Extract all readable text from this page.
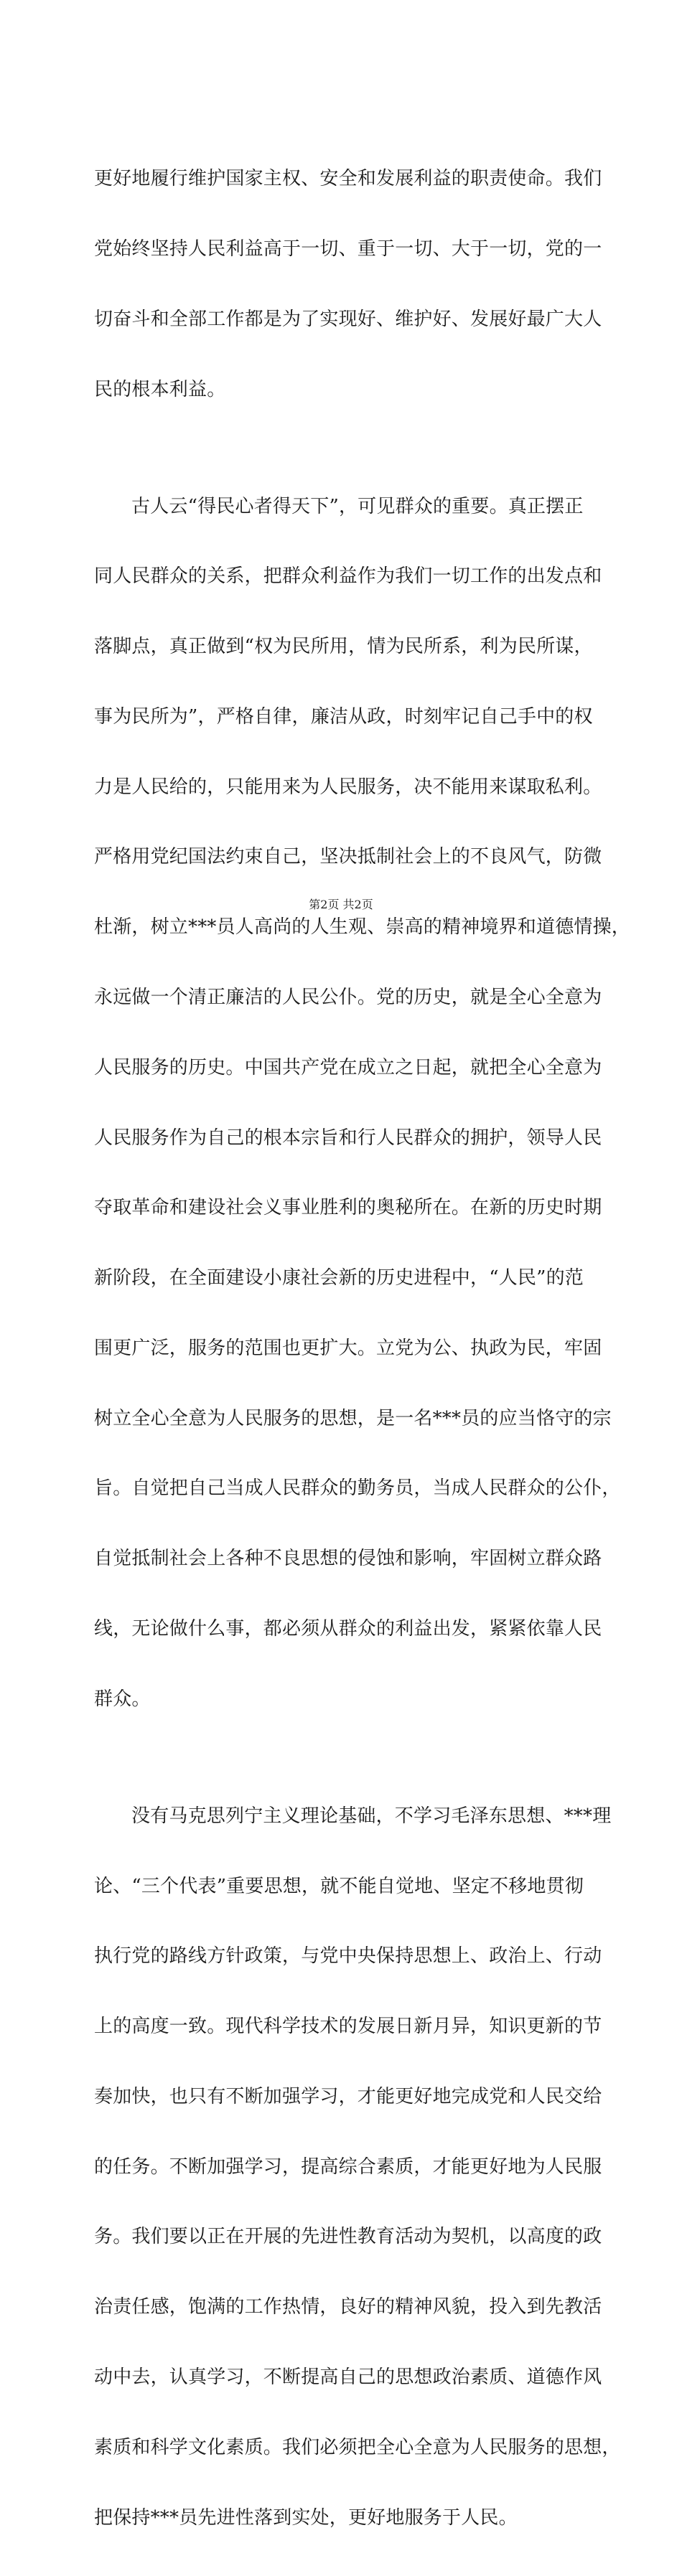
更好地履行维护国家主权、安全和发展利益的职责使命。我们

党始终坚持人民利益高于一切、重于一切、大于一切，党的一

切奋斗和全部工作都是为了实现好、维护好、发展好最广大人

民的根本利益。

古人云“得民心者得天下”，可见群众的重要。真正摆正

同人民群众的关系，把群众利益作为我们一切工作的出发点和

落脚点，真正做到“权为民所用，情为民所系，利为民所谋，

事为民所为”，严格自律，廉洁从政，时刻牢记自己手中的权

力是人民给的，只能用来为人民服务，决不能用来谋取私利。

严格用党纪国法约束自己，坚决抵制社会上的不良风气，防微

杜渐，树立***员人高尚的人生观、崇高的精神境界和道德情操，

永远做一个清正廉洁的人民公仆。党的历史，就是全心全意为

人民服务的历史。中国共产党在成立之日起，就把全心全意为

人民服务作为自己的根本宗旨和行人民群众的拥护，领导人民

夺取革命和建设社会义事业胜利的奥秘所在。在新的历史时期

新阶段，在全面建设小康社会新的历史进程中，“人民”的范

围更广泛，服务的范围也更扩大。立党为公、执政为民，牢固

树立全心全意为人民服务的思想，是一名***员的应当恪守的宗

旨。自觉把自己当成人民群众的勤务员，当成人民群众的公仆，

自觉抵制社会上各种不良思想的侵蚀和影响，牢固树立群众路

线，无论做什么事，都必须从群众的利益出发，紧紧依靠人民

群众。

没有马克思列宁主义理论基础，不学习毛泽东思想、***理

论、“三个代表”重要思想，就不能自觉地、坚定不移地贯彻

执行党的路线方针政策，与党中央保持思想上、政治上、行动

上的高度一致。现代科学技术的发展日新月异，知识更新的节

奏加快，也只有不断加强学习，才能更好地完成党和人民交给

的任务。不断加强学习，提高综合素质，才能更好地为人民服

务。我们要以正在开展的先进性教育活动为契机，以高度的政

治责任感，饱满的工作热情，良好的精神风貌，投入到先教活

动中去，认真学习，不断提高自己的思想政治素质、道德作风

素质和科学文化素质。我们必须把全心全意为人民服务的思想，

把保持***员先进性落到实处，更好地服务于人民。

第2页 共2页
